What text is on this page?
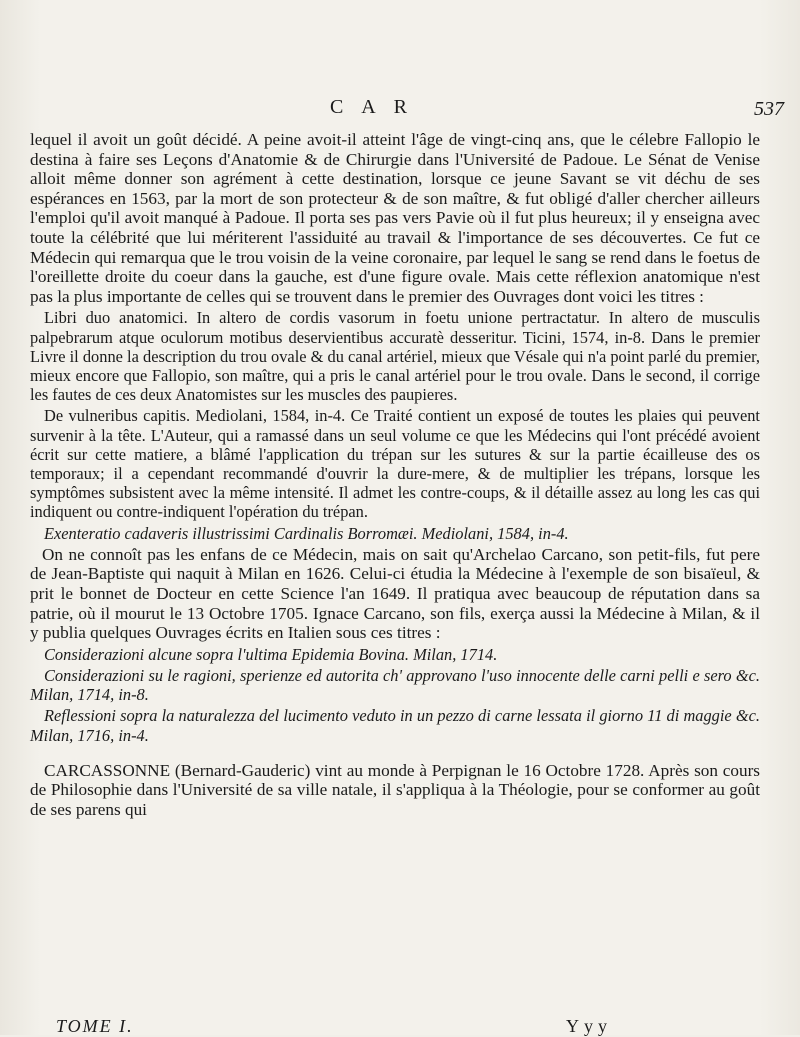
C A R	537

lequel il avoit un goût décidé. A peine avoit-il atteint l'âge de vingt-cinq ans, que le célebre Fallopio le destina à faire ses Leçons d'Anatomie & de Chirurgie dans l'Université de Padoue. Le Sénat de Venise alloit même donner son agrément à cette destination, lorsque ce jeune Savant se vit déchu de ses espérances en 1563, par la mort de son protecteur & de son maître, & fut obligé d'aller chercher ailleurs l'emploi qu'il avoit manqué à Padoue. Il porta ses pas vers Pavie où il fut plus heureux; il y enseigna avec toute la célébrité que lui mériterent l'assiduité au travail & l'importance de ses découvertes. Ce fut ce Médecin qui remarqua que le trou voisin de la veine coronaire, par lequel le sang se rend dans le foetus de l'oreillette droite du coeur dans la gauche, est d'une figure ovale. Mais cette réflexion anatomique n'est pas la plus importante de celles qui se trouvent dans le premier des Ouvrages dont voici les titres :

Libri duo anatomici. In altero de cordis vasorum in foetu unione pertractatur. In altero de musculis palpebrarum atque oculorum motibus deservientibus accuratè desseritur. Ticini, 1574, in-8. Dans le premier Livre il donne la description du trou ovale & du canal artériel, mieux que Vésale qui n'a point parlé du premier, mieux encore que Fallopio, son maître, qui a pris le canal artériel pour le trou ovale. Dans le second, il corrige les fautes de ces deux Anatomistes sur les muscles des paupieres.

De vulneribus capitis. Mediolani, 1584, in-4. Ce Traité contient un exposé de toutes les plaies qui peuvent survenir à la tête. L'Auteur, qui a ramassé dans un seul volume ce que les Médecins qui l'ont précédé avoient écrit sur cette matiere, a blâmé l'application du trépan sur les sutures & sur la partie écailleuse des os temporaux; il a cependant recommandé d'ouvrir la dure-mere, & de multiplier les trépans, lorsque les symptômes subsistent avec la même intensité. Il admet les contre-coups, & il détaille assez au long les cas qui indiquent ou contre-indiquent l'opération du trépan.

Exenteratio cadaveris illustrissimi Cardinalis Borromæi. Mediolani, 1584, in-4.

On ne connoît pas les enfans de ce Médecin, mais on sait qu'Archelao Carcano, son petit-fils, fut pere de Jean-Baptiste qui naquit à Milan en 1626. Celui-ci étudia la Médecine à l'exemple de son bisaïeul, & prit le bonnet de Docteur en cette Science l'an 1649. Il pratiqua avec beaucoup de réputation dans sa patrie, où il mourut le 13 Octobre 1705. Ignace Carcano, son fils, exerça aussi la Médecine à Milan, & il y publia quelques Ouvrages écrits en Italien sous ces titres :

Considerazioni alcune sopra l'ultima Epidemia Bovina. Milan, 1714.

Considerazioni su le ragioni, sperienze ed autorita ch' approvano l'uso innocente delle carni pelli e sero &c. Milan, 1714, in-8.

Reflessioni sopra la naturalezza del lucimento veduto in un pezzo di carne lessata il giorno 11 di maggie &c. Milan, 1716, in-4.

CARCASSONNE (Bernard-Gauderic) vint au monde à Perpignan le 16 Octobre 1728. Après son cours de Philosophie dans l'Université de sa ville natale, il s'appliqua à la Théologie, pour se conformer au goût de ses parens qui

TOME I.	Yyy
